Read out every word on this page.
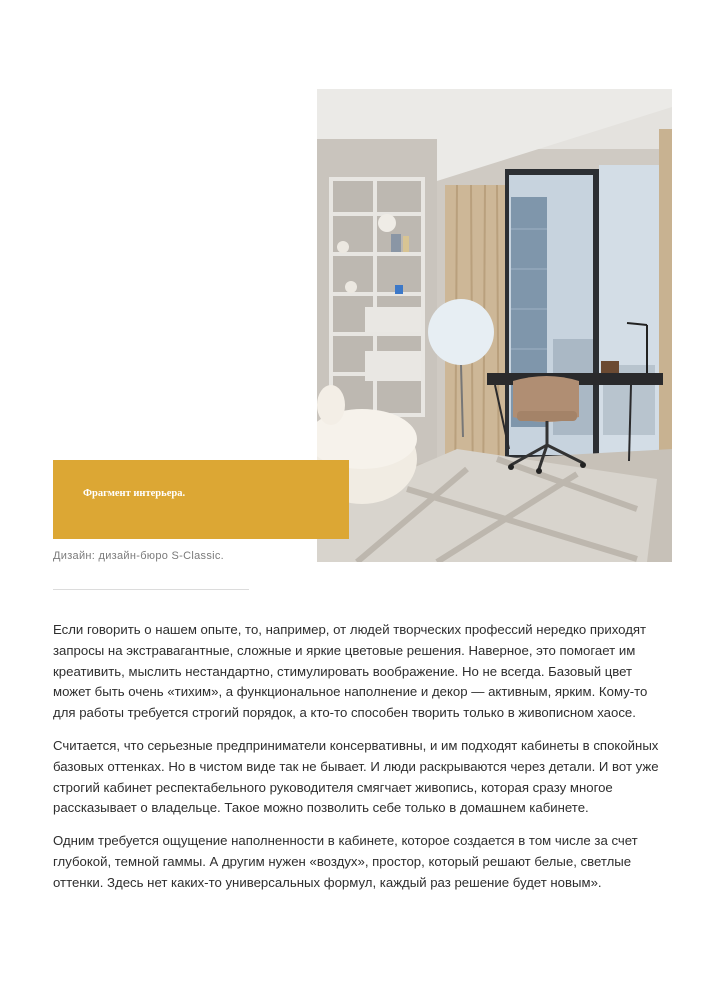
Фрагмент интерьера.

Дизайн: дизайн-бюро S-Classic.

Если говорить о нашем опыте, то, например, от людей творческих профессий нередко приходят запросы на экстравагантные, сложные и яркие цветовые решения. Наверное, это помогает им креативить, мыслить нестандартно, стимулировать воображение. Но не всегда. Базовый цвет может быть очень «тихим», а функциональное наполнение и декор — активным, ярким. Кому-то для работы требуется строгий порядок, а кто-то способен творить только в живописном хаосе.

Считается, что серьезные предприниматели консервативны, и им подходят кабинеты в спокойных базовых оттенках. Но в чистом виде так не бывает. И люди раскрываются через детали. И вот уже строгий кабинет респектабельного руководителя смягчает живопись, которая сразу многое рассказывает о владельце. Такое можно позволить себе только в домашнем кабинете.

Одним требуется ощущение наполненности в кабинете, которое создается в том числе за счет глубокой, темной гаммы. А другим нужен «воздух», простор, который решают белые, светлые оттенки. Здесь нет каких-то универсальных формул, каждый раз решение будет новым».
